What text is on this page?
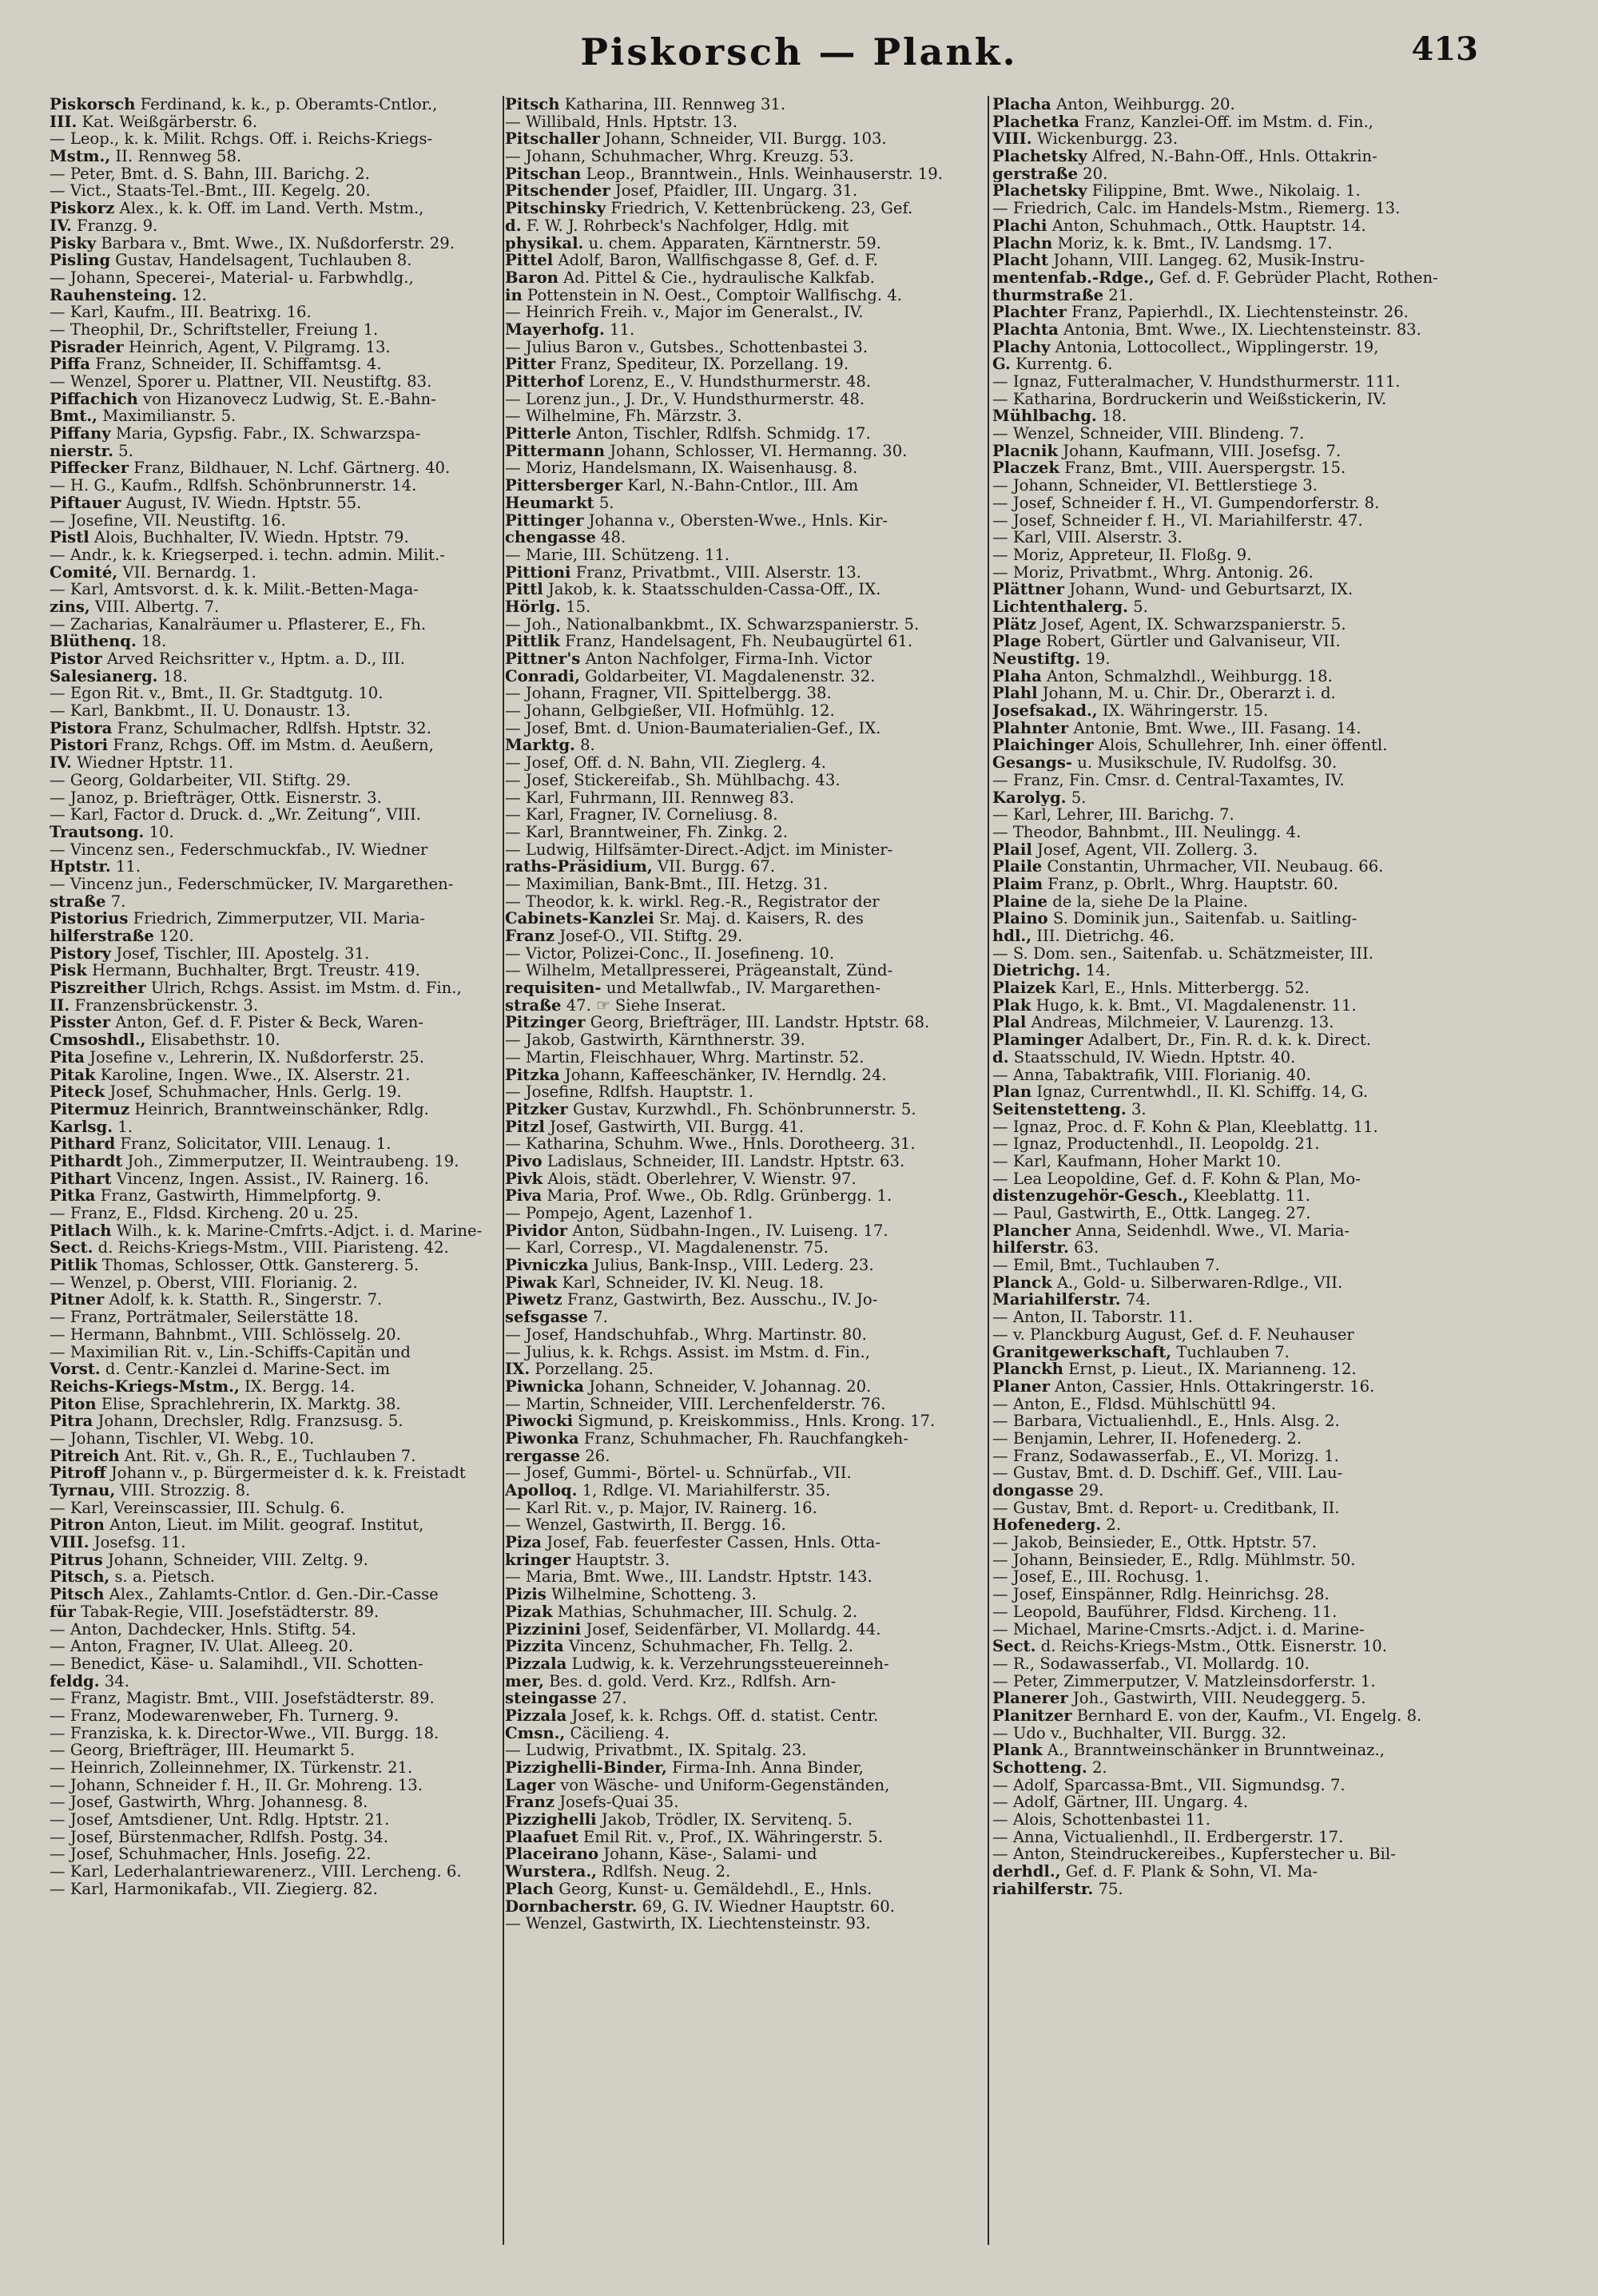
Piskorsch — Plank.	413
Piskorsch Ferdinand, k. k., p. Oberamts-Cntlor.,
III. Kat. Weißgärberstr. 6.
— Leop., k. k. Milit. Rchgs. Off. i. Reichs-Kriegs-
Mstm., II. Rennweg 58.
— Peter, Bmt. d. S. Bahn, III. Barichg. 2.
— Vict., Staats-Tel.-Bmt., III. Kegelg. 20.
Piskorz Alex., k. k. Off. im Land. Verth. Mstm.,
IV. Franzg. 9.
Pisky Barbara v., Bmt. Wwe., IX. Nußdorferstr. 29.
Pisling Gustav, Handelsagent, Tuchlauben 8.
— Johann, Specerei-, Material- u. Farbwhdlg.,
Rauhensteing. 12.
— Karl, Kaufm., III. Beatrixg. 16.
— Theophil, Dr., Schriftsteller, Freiung 1.
Pisrader Heinrich, Agent, V. Pilgramg. 13.
Piffa Franz, Schneider, II. Schiffamtsg. 4.
— Wenzel, Sporer u. Plattner, VII. Neustiftg. 83.
Piffachich von Hizanovecz Ludwig, St. E.-Bahn-
Bmt., Maximilianstr. 5.
Piffany Maria, Gypsfig. Fabr., IX. Schwarzspa-
nierstr. 5.
Piffecker Franz, Bildhauer, N. Lchf. Gärtnerg. 40.
— H. G., Kaufm., Rdlfsh. Schönbrunnerstr. 14.
Piftauer August, IV. Wiedn. Hptstr. 55.
— Josefine, VII. Neustiftg. 16.
Pistl Alois, Buchhalter, IV. Wiedn. Hptstr. 79.
— Andr., k. k. Kriegserped. i. techn. admin. Milit.-
Comité, VII. Bernardg. 1.
— Karl, Amtsvorst. d. k. k. Milit.-Betten-Maga-
zins, VIII. Albertg. 7.
— Zacharias, Kanalräumer u. Pflasterer, E., Fh.
Blüthenq. 18.
Pistor Arved Reichsritter v., Hptm. a. D., III.
Salesianerg. 18.
— Egon Rit. v., Bmt., II. Gr. Stadtgutg. 10.
— Karl, Bankbmt., II. U. Donaustr. 13.
Pistora Franz, Schulmacher, Rdlfsh. Hptstr. 32.
Pistori Franz, Rchgs. Off. im Mstm. d. Aeußern,
IV. Wiedner Hptstr. 11.
— Georg, Goldarbeiter, VII. Stiftg. 29.
— Janoz, p. Briefträger, Ottk. Eisnerstr. 3.
— Karl, Factor d. Druck. d. „Wr. Zeitung“, VIII.
Trautsong. 10.
— Vincenz sen., Federschmuckfab., IV. Wiedner
Hptstr. 11.
— Vincenz jun., Federschmücker, IV. Margarethen-
straße 7.
Pistorius Friedrich, Zimmerputzer, VII. Maria-
hilferstraße 120.
Pistory Josef, Tischler, III. Apostelg. 31.
Pisk Hermann, Buchhalter, Brgt. Treustr. 419.
Piszreither Ulrich, Rchgs. Assist. im Mstm. d. Fin.,
II. Franzensbrückenstr. 3.
Pisster Anton, Gef. d. F. Pister & Beck, Waren-
Cmsoshdl., Elisabethstr. 10.
Pita Josefine v., Lehrerin, IX. Nußdorferstr. 25.
Pitak Karoline, Ingen. Wwe., IX. Alserstr. 21.
Piteck Josef, Schuhmacher, Hnls. Gerlg. 19.
Pitermuz Heinrich, Branntweinschänker, Rdlg.
Karlsg. 1.
Pithard Franz, Solicitator, VIII. Lenaug. 1.
Pithardt Joh., Zimmerputzer, II. Weintraubeng. 19.
Pithart Vincenz, Ingen. Assist., IV. Rainerg. 16.
Pitka Franz, Gastwirth, Himmelpfortg. 9.
— Franz, E., Fldsd. Kircheng. 20 u. 25.
Pitlach Wilh., k. k. Marine-Cmfrts.-Adjct. i. d. Marine-
Sect. d. Reichs-Kriegs-Mstm., VIII. Piaristeng. 42.
Pitlik Thomas, Schlosser, Ottk. Ganstererg. 5.
— Wenzel, p. Oberst, VIII. Florianig. 2.
Pitner Adolf, k. k. Statth. R., Singerstr. 7.
— Franz, Porträtmaler, Seilerstätte 18.
— Hermann, Bahnbmt., VIII. Schlösselg. 20.
— Maximilian Rit. v., Lin.-Schiffs-Capitän und
Vorst. d. Centr.-Kanzlei d. Marine-Sect. im
Reichs-Kriegs-Mstm., IX. Bergg. 14.
Piton Elise, Sprachlehrerin, IX. Marktg. 38.
Pitra Johann, Drechsler, Rdlg. Franzsusg. 5.
— Johann, Tischler, VI. Webg. 10.
Pitreich Ant. Rit. v., Gh. R., E., Tuchlauben 7.
Pitroff Johann v., p. Bürgermeister d. k. k. Freistadt
Tyrnau, VIII. Strozzig. 8.
— Karl, Vereinscassier, III. Schulg. 6.
Pitron Anton, Lieut. im Milit. geograf. Institut,
VIII. Josefsg. 11.
Pitrus Johann, Schneider, VIII. Zeltg. 9.
Pitsch, s. a. Pietsch.
Pitsch Alex., Zahlamts-Cntlor. d. Gen.-Dir.-Casse
für Tabak-Regie, VIII. Josefstädterstr. 89.
— Anton, Dachdecker, Hnls. Stiftg. 54.
— Anton, Fragner, IV. Ulat. Alleeg. 20.
— Benedict, Käse- u. Salamihdl., VII. Schotten-
feldg. 34.
— Franz, Magistr. Bmt., VIII. Josefstädterstr. 89.
— Franz, Modewarenweber, Fh. Turnerg. 9.
— Franziska, k. k. Director-Wwe., VII. Burgg. 18.
— Georg, Briefträger, III. Heumarkt 5.
— Heinrich, Zolleinnehmer, IX. Türkenstr. 21.
— Johann, Schneider f. H., II. Gr. Mohreng. 13.
— Josef, Gastwirth, Whrg. Johannesg. 8.
— Josef, Amtsdiener, Unt. Rdlg. Hptstr. 21.
— Josef, Bürstenmacher, Rdlfsh. Postg. 34.
— Josef, Schuhmacher, Hnls. Josefig. 22.
— Karl, Lederhalantriewarenerz., VIII. Lercheng. 6.
— Karl, Harmonikafab., VII. Ziegierg. 82.
Pitsch Katharina, III. Rennweg 31.
— Willibald, Hnls. Hptstr. 13.
Pitschaller Johann, Schneider, VII. Burgg. 103.
— Johann, Schuhmacher, Whrg. Kreuzg. 53.
Pitschan Leop., Branntwein., Hnls. Weinhauserstr. 19.
Pitschender Josef, Pfaidler, III. Ungarg. 31.
Pitschinsky Friedrich, V. Kettenbrückeng. 23, Gef.
d. F. W. J. Rohrbeck's Nachfolger, Hdlg. mit
physikal. u. chem. Apparaten, Kärntnerstr. 59.
Pittel Adolf, Baron, Wallfischgasse 8, Gef. d. F.
Baron Ad. Pittel & Cie., hydraulische Kalkfab.
in Pottenstein in N. Oest., Comptoir Wallfischg. 4.
— Heinrich Freih. v., Major im Generalst., IV.
Mayerhofg. 11.
— Julius Baron v., Gutsbes., Schottenbastei 3.
Pitter Franz, Spediteur, IX. Porzellang. 19.
Pitterhof Lorenz, E., V. Hundsthurmerstr. 48.
— Lorenz jun., J. Dr., V. Hundsthurmerstr. 48.
— Wilhelmine, Fh. Märzstr. 3.
Pitterle Anton, Tischler, Rdlfsh. Schmidg. 17.
Pittermann Johann, Schlosser, VI. Hermanng. 30.
— Moriz, Handelsmann, IX. Waisenhausg. 8.
Pittersberger Karl, N.-Bahn-Cntlor., III. Am
Heumarkt 5.
Pittinger Johanna v., Obersten-Wwe., Hnls. Kir-
chengasse 48.
— Marie, III. Schützeng. 11.
Pittioni Franz, Privatbmt., VIII. Alserstr. 13.
Pittl Jakob, k. k. Staatsschulden-Cassa-Off., IX.
Hörlg. 15.
— Joh., Nationalbankbmt., IX. Schwarzspanierstr. 5.
Pittlik Franz, Handelsagent, Fh. Neubaugürtel 61.
Pittner's Anton Nachfolger, Firma-Inh. Victor
Conradi, Goldarbeiter, VI. Magdalenenstr. 32.
— Johann, Fragner, VII. Spittelbergg. 38.
— Johann, Gelbgießer, VII. Hofmühlg. 12.
— Josef, Bmt. d. Union-Baumaterialien-Gef., IX.
Marktg. 8.
— Josef, Off. d. N. Bahn, VII. Zieglerg. 4.
— Josef, Stickereifab., Sh. Mühlbachg. 43.
— Karl, Fuhrmann, III. Rennweg 83.
— Karl, Fragner, IV. Corneliusg. 8.
— Karl, Branntweiner, Fh. Zinkg. 2.
— Ludwig, Hilfsämter-Direct.-Adjct. im Minister-
raths-Präsidium, VII. Burgg. 67.
— Maximilian, Bank-Bmt., III. Hetzg. 31.
— Theodor, k. k. wirkl. Reg.-R., Registrator der
Cabinets-Kanzlei Sr. Maj. d. Kaisers, R. des
Franz Josef-O., VII. Stiftg. 29.
— Victor, Polizei-Conc., II. Josefineng. 10.
— Wilhelm, Metallpresserei, Prägeanstalt, Zünd-
requisiten- und Metallwfab., IV. Margarethen-
straße 47. ☞ Siehe Inserat.
Pitzinger Georg, Briefträger, III. Landstr. Hptstr. 68.
— Jakob, Gastwirth, Kärnthnerstr. 39.
— Martin, Fleischhauer, Whrg. Martinstr. 52.
Pitzka Johann, Kaffeeschänker, IV. Herndlg. 24.
— Josefine, Rdlfsh. Hauptstr. 1.
Pitzker Gustav, Kurzwhdl., Fh. Schönbrunnerstr. 5.
Pitzl Josef, Gastwirth, VII. Burgg. 41.
— Katharina, Schuhm. Wwe., Hnls. Dorotheerg. 31.
Pivo Ladislaus, Schneider, III. Landstr. Hptstr. 63.
Pivk Alois, städt. Oberlehrer, V. Wienstr. 97.
Piva Maria, Prof. Wwe., Ob. Rdlg. Grünbergg. 1.
— Pompejo, Agent, Lazenhof 1.
Pividor Anton, Südbahn-Ingen., IV. Luiseng. 17.
— Karl, Corresp., VI. Magdalenenstr. 75.
Pivniczka Julius, Bank-Insp., VIII. Lederg. 23.
Piwak Karl, Schneider, IV. Kl. Neug. 18.
Piwetz Franz, Gastwirth, Bez. Ausschu., IV. Jo-
sefsgasse 7.
— Josef, Handschuhfab., Whrg. Martinstr. 80.
— Julius, k. k. Rchgs. Assist. im Mstm. d. Fin.,
IX. Porzellang. 25.
Piwnicka Johann, Schneider, V. Johannag. 20.
— Martin, Schneider, VIII. Lerchenfelderstr. 76.
Piwocki Sigmund, p. Kreiskommiss., Hnls. Krong. 17.
Piwonka Franz, Schuhmacher, Fh. Rauchfangkeh-
rergasse 26.
— Josef, Gummi-, Börtel- u. Schnürfab., VII.
Apolloq. 1, Rdlge. VI. Mariahilferstr. 35.
— Karl Rit. v., p. Major, IV. Rainerg. 16.
— Wenzel, Gastwirth, II. Bergg. 16.
Piza Josef, Fab. feuerfester Cassen, Hnls. Otta-
kringer Hauptstr. 3.
— Maria, Bmt. Wwe., III. Landstr. Hptstr. 143.
Pizis Wilhelmine, Schotteng. 3.
Pizak Mathias, Schuhmacher, III. Schulg. 2.
Pizzinini Josef, Seidenfärber, VI. Mollardg. 44.
Pizzita Vincenz, Schuhmacher, Fh. Tellg. 2.
Pizzala Ludwig, k. k. Verzehrungssteuereinneh-
mer, Bes. d. gold. Verd. Krz., Rdlfsh. Arn-
steingasse 27.
Pizzala Josef, k. k. Rchgs. Off. d. statist. Centr.
Cmsn., Cäcilieng. 4.
— Ludwig, Privatbmt., IX. Spitalg. 23.
Pizzighelli-Binder, Firma-Inh. Anna Binder,
Lager von Wäsche- und Uniform-Gegenständen,
Franz Josefs-Quai 35.
Pizzighelli Jakob, Trödler, IX. Servitenq. 5.
Plaafuet Emil Rit. v., Prof., IX. Währingerstr. 5.
Placeirano Johann, Käse-, Salami- und
Wurstera., Rdlfsh. Neug. 2.
Plach Georg, Kunst- u. Gemäldehdl., E., Hnls.
Dornbacherstr. 69, G. IV. Wiedner Hauptstr. 60.
— Wenzel, Gastwirth, IX. Liechtensteinstr. 93.
Placha Anton, Weihburgg. 20.
Plachetka Franz, Kanzlei-Off. im Mstm. d. Fin.,
VIII. Wickenburgg. 23.
Plachetsky Alfred, N.-Bahn-Off., Hnls. Ottakrin-
gerstraße 20.
Plachetsky Filippine, Bmt. Wwe., Nikolaig. 1.
— Friedrich, Calc. im Handels-Mstm., Riemerg. 13.
Plachi Anton, Schuhmach., Ottk. Hauptstr. 14.
Plachn Moriz, k. k. Bmt., IV. Landsmg. 17.
Placht Johann, VIII. Langeg. 62, Musik-Instru-
mentenfab.-Rdge., Gef. d. F. Gebrüder Placht, Rothen-
thurmstraße 21.
Plachter Franz, Papierhdl., IX. Liechtensteinstr. 26.
Plachta Antonia, Bmt. Wwe., IX. Liechtensteinstr. 83.
Plachy Antonia, Lottocollect., Wipplingerstr. 19,
G. Kurrentg. 6.
— Ignaz, Futteralmacher, V. Hundsthurmerstr. 111.
— Katharina, Bordruckerin und Weißstickerin, IV.
Mühlbachg. 18.
— Wenzel, Schneider, VIII. Blindeng. 7.
Placnik Johann, Kaufmann, VIII. Josefsg. 7.
Placzek Franz, Bmt., VIII. Auerspergstr. 15.
— Johann, Schneider, VI. Bettlerstiege 3.
— Josef, Schneider f. H., VI. Gumpendorferstr. 8.
— Josef, Schneider f. H., VI. Mariahilferstr. 47.
— Karl, VIII. Alserstr. 3.
— Moriz, Appreteur, II. Floßg. 9.
— Moriz, Privatbmt., Whrg. Antonig. 26.
Plättner Johann, Wund- und Geburtsarzt, IX.
Lichtenthalerg. 5.
Plätz Josef, Agent, IX. Schwarzspanierstr. 5.
Plage Robert, Gürtler und Galvaniseur, VII.
Neustiftg. 19.
Plaha Anton, Schmalzhdl., Weihburgg. 18.
Plahl Johann, M. u. Chir. Dr., Oberarzt i. d.
Josefsakad., IX. Währingerstr. 15.
Plahnter Antonie, Bmt. Wwe., III. Fasang. 14.
Plaichinger Alois, Schullehrer, Inh. einer öffentl.
Gesangs- u. Musikschule, IV. Rudolfsg. 30.
— Franz, Fin. Cmsr. d. Central-Taxamtes, IV.
Karolyg. 5.
— Karl, Lehrer, III. Barichg. 7.
— Theodor, Bahnbmt., III. Neulingg. 4.
Plail Josef, Agent, VII. Zollerg. 3.
Plaile Constantin, Uhrmacher, VII. Neubaug. 66.
Plaim Franz, p. Obrlt., Whrg. Hauptstr. 60.
Plaine de la, siehe De la Plaine.
Plaino S. Dominik jun., Saitenfab. u. Saitling-
hdl., III. Dietrichg. 46.
— S. Dom. sen., Saitenfab. u. Schätzmeister, III.
Dietrichg. 14.
Plaizek Karl, E., Hnls. Mitterbergg. 52.
Plak Hugo, k. k. Bmt., VI. Magdalenenstr. 11.
Plal Andreas, Milchmeier, V. Laurenzg. 13.
Plaminger Adalbert, Dr., Fin. R. d. k. k. Direct.
d. Staatsschuld, IV. Wiedn. Hptstr. 40.
— Anna, Tabaktrafik, VIII. Florianig. 40.
Plan Ignaz, Currentwhdl., II. Kl. Schiffg. 14, G.
Seitenstetteng. 3.
— Ignaz, Proc. d. F. Kohn & Plan, Kleeblattg. 11.
— Ignaz, Productenhdl., II. Leopoldg. 21.
— Karl, Kaufmann, Hoher Markt 10.
— Lea Leopoldine, Gef. d. F. Kohn & Plan, Mo-
distenzugehör-Gesch., Kleeblattg. 11.
— Paul, Gastwirth, E., Ottk. Langeg. 27.
Plancher Anna, Seidenhdl. Wwe., VI. Maria-
hilferstr. 63.
— Emil, Bmt., Tuchlauben 7.
Planck A., Gold- u. Silberwaren-Rdlge., VII.
Mariahilferstr. 74.
— Anton, II. Taborstr. 11.
— v. Planckburg August, Gef. d. F. Neuhauser
Granitgewerkschaft, Tuchlauben 7.
Planckh Ernst, p. Lieut., IX. Marianneng. 12.
Planer Anton, Cassier, Hnls. Ottakringerstr. 16.
— Anton, E., Fldsd. Mühlschüttl 94.
— Barbara, Victualienhdl., E., Hnls. Alsg. 2.
— Benjamin, Lehrer, II. Hofenederg. 2.
— Franz, Sodawasserfab., E., VI. Morizg. 1.
— Gustav, Bmt. d. D. Dschiff. Gef., VIII. Lau-
dongasse 29.
— Gustav, Bmt. d. Report- u. Creditbank, II.
Hofenederg. 2.
— Jakob, Beinsieder, E., Ottk. Hptstr. 57.
— Johann, Beinsieder, E., Rdlg. Mühlmstr. 50.
— Josef, E., III. Rochusg. 1.
— Josef, Einspänner, Rdlg. Heinrichsg. 28.
— Leopold, Bauführer, Fldsd. Kircheng. 11.
— Michael, Marine-Cmsrts.-Adjct. i. d. Marine-
Sect. d. Reichs-Kriegs-Mstm., Ottk. Eisnerstr. 10.
— R., Sodawasserfab., VI. Mollardg. 10.
— Peter, Zimmerputzer, V. Matzleinsdorferstr. 1.
Planerer Joh., Gastwirth, VIII. Neudeggerg. 5.
Planitzer Bernhard E. von der, Kaufm., VI. Engelg. 8.
— Udo v., Buchhalter, VII. Burgg. 32.
Plank A., Branntweinschänker in Brunntweinaz.,
Schotteng. 2.
— Adolf, Sparcassa-Bmt., VII. Sigmundsg. 7.
— Adolf, Gärtner, III. Ungarg. 4.
— Alois, Schottenbastei 11.
— Anna, Victualienhdl., II. Erdbergerstr. 17.
— Anton, Steindruckereibes., Kupferstecher u. Bil-
derhdl., Gef. d. F. Plank & Sohn, VI. Ma-
riahilferstr. 75.
